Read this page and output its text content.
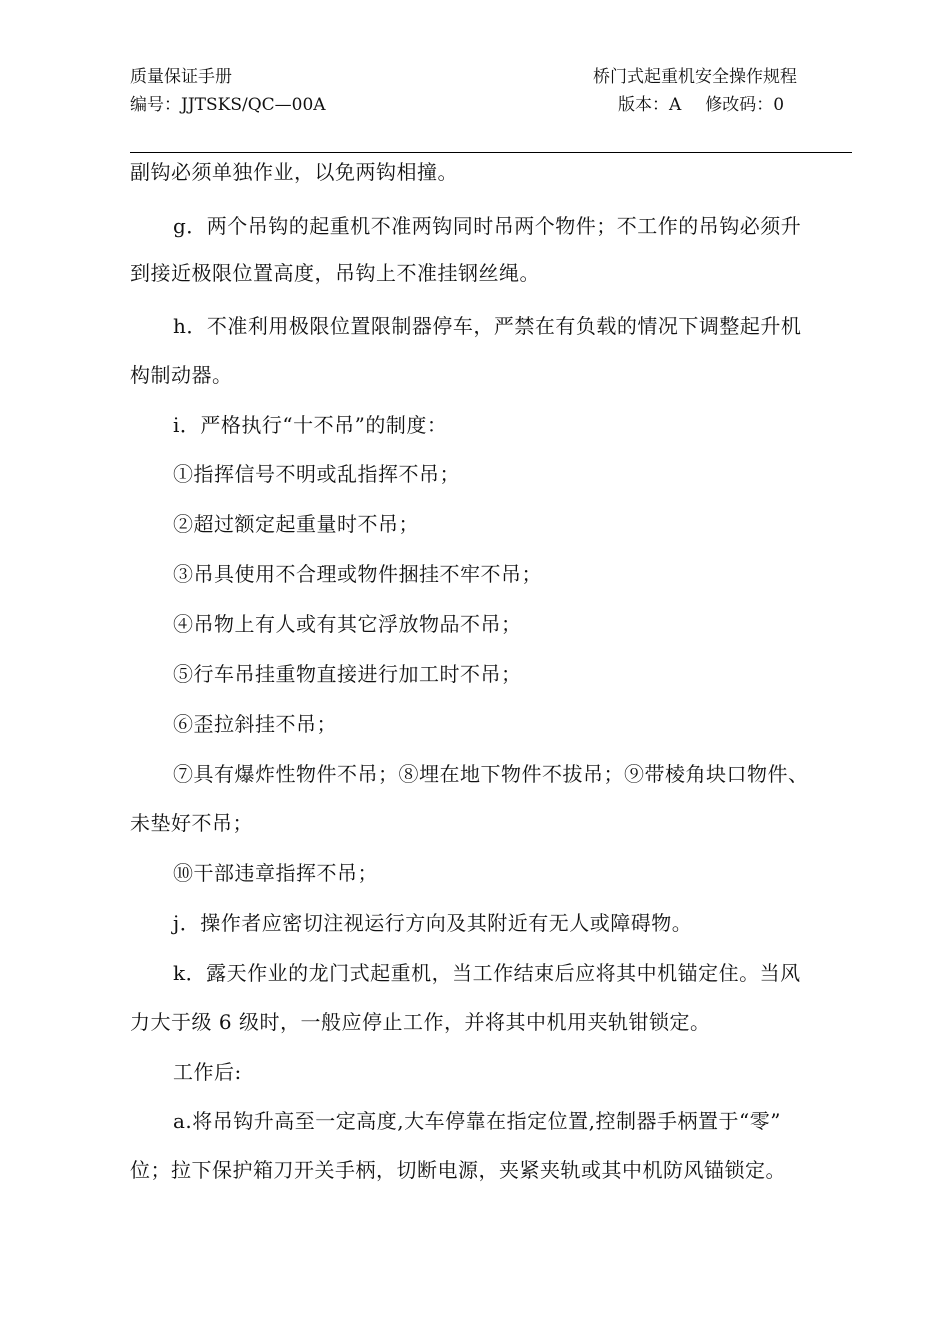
质量保证手册
编号：JJTSKS/QC—00A
桥门式起重机安全操作规程
版本：A 修改码：0
副钩必须单独作业，以免两钩相撞。
g．两个吊钩的起重机不准两钩同时吊两个物件；不工作的吊钩必须升
到接近极限位置高度，吊钩上不准挂钢丝绳。
h．不准利用极限位置限制器停车，严禁在有负载的情况下调整起升机
构制动器。
i．严格执行“十不吊”的制度：
①指挥信号不明或乱指挥不吊；
②超过额定起重量时不吊；
③吊具使用不合理或物件捆挂不牢不吊；
④吊物上有人或有其它浮放物品不吊；
⑤行车吊挂重物直接进行加工时不吊；
⑥歪拉斜挂不吊；
⑦具有爆炸性物件不吊；⑧埋在地下物件不拔吊；⑨带棱角块口物件、
未垫好不吊；
⑩干部违章指挥不吊；
j．操作者应密切注视运行方向及其附近有无人或障碍物。
k．露天作业的龙门式起重机，当工作结束后应将其中机锚定住。当风
力大于级 6 级时，一般应停止工作，并将其中机用夹轨钳锁定。
工作后:
a.将吊钩升高至一定高度,大车停靠在指定位置,控制器手柄置于“零”
位；拉下保护箱刀开关手柄，切断电源，夹紧夹轨或其中机防风锚锁定。
